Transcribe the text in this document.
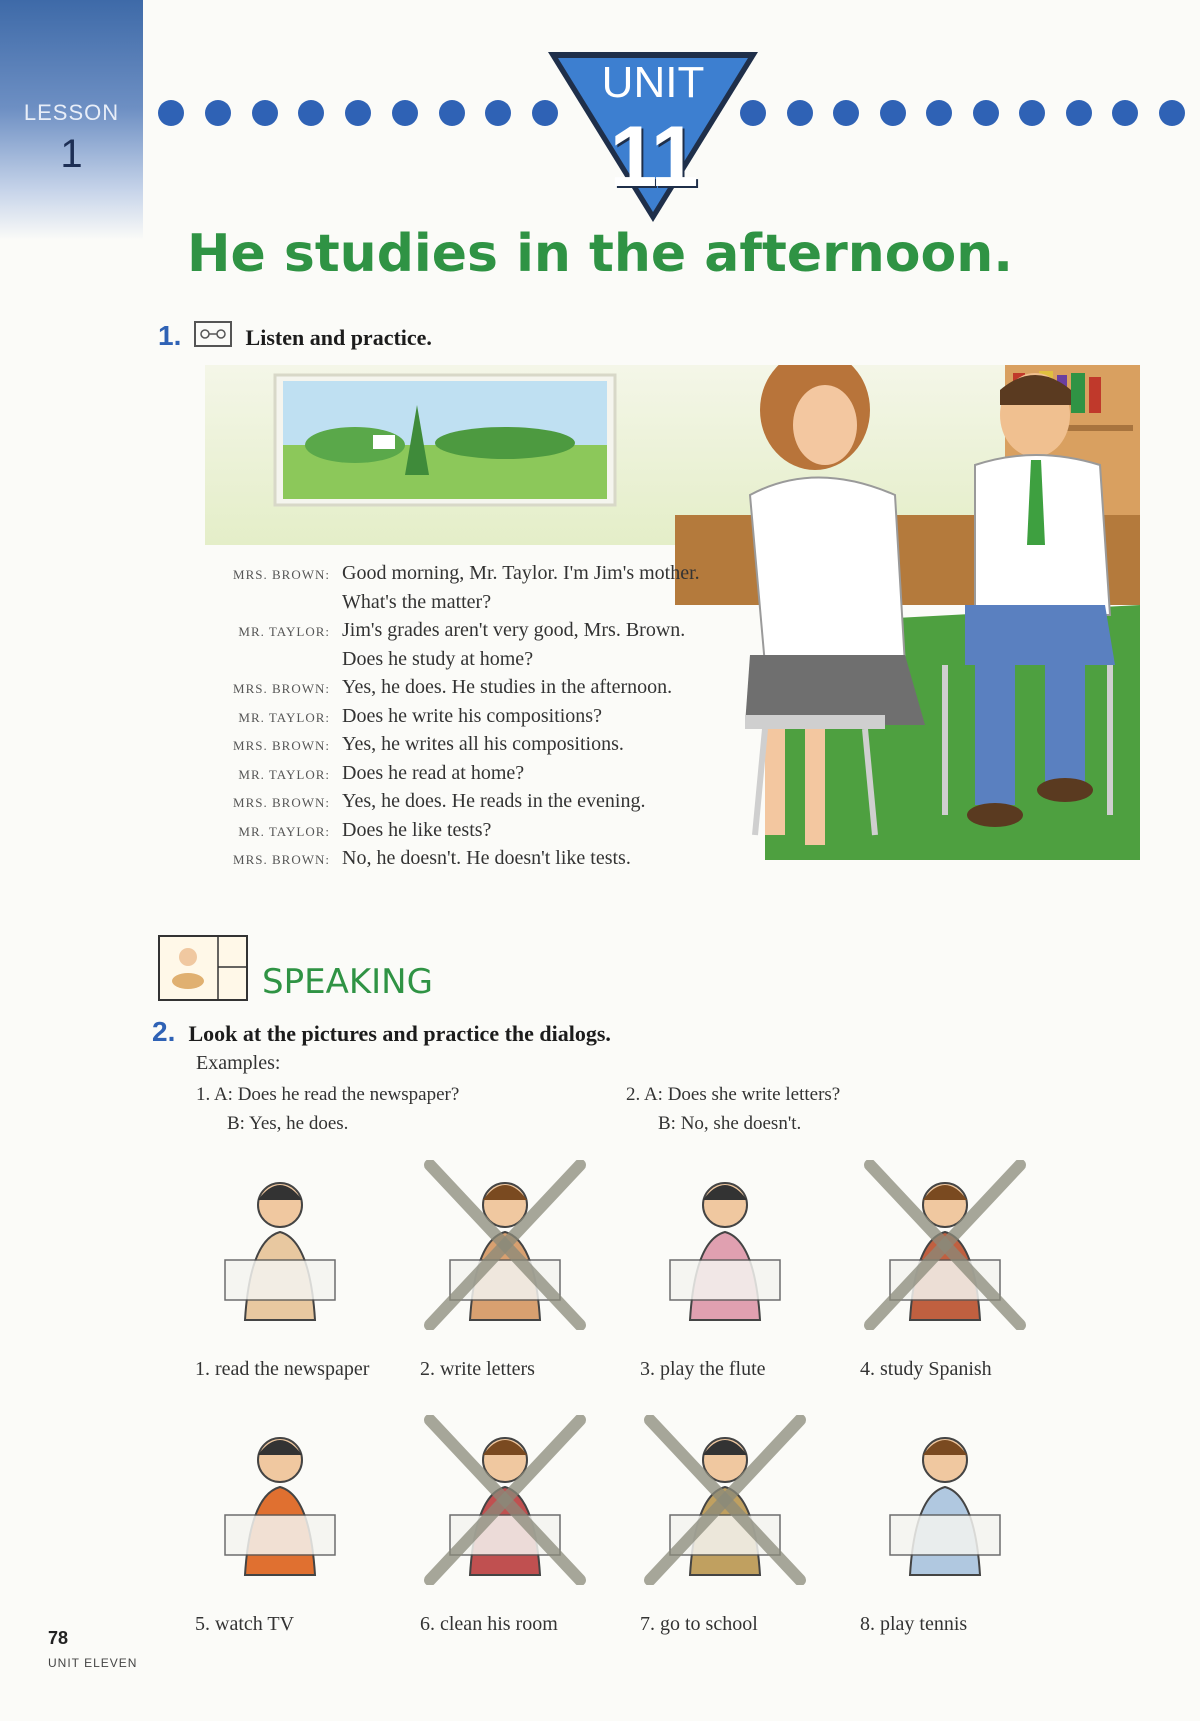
LESSON
1
UNIT
11
He studies in the afternoon.
1.	Listen and practice.
MRS. BROWN: Good morning, Mr. Taylor. I'm Jim's mother.
What's the matter?
MR. TAYLOR: Jim's grades aren't very good, Mrs. Brown.
Does he study at home?
MRS. BROWN: Yes, he does. He studies in the afternoon.
MR. TAYLOR: Does he write his compositions?
MRS. BROWN: Yes, he writes all his compositions.
MR. TAYLOR: Does he read at home?
MRS. BROWN: Yes, he does. He reads in the evening.
MR. TAYLOR: Does he like tests?
MRS. BROWN: No, he doesn't. He doesn't like tests.
SPEAKING
2. Look at the pictures and practice the dialogs.
Examples:
1. A: Does he read the newspaper?
B: Yes, he does.
2. A: Does she write letters?
B: No, she doesn't.
1. read the newspaper	2. write letters	3. play the flute	4. study Spanish
5. watch TV	6. clean his room	7. go to school	8. play tennis
78
UNIT ELEVEN
